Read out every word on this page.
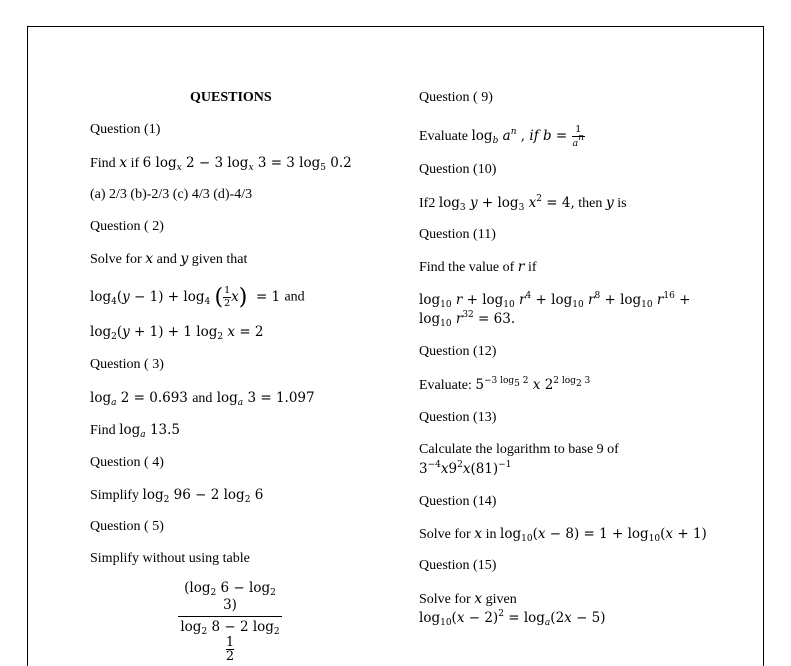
QUESTIONS
Question (1)
Find x if 6 $\log_x 2 - 3$ $\log_x 3 = 3$ $\log_5 0.2$
(a) 2/3 (b)-2/3 (c) 4/3 (d)-4/3
Question ( 2)
Solve for x and y given that
$\log_4(y - 1) + \log_4$ ( $\frac{1}{2} x) = 1$ and
$\log_2(y + 1) + 1$ $\log_2 x = 2$
Question ( 3)
$\log_a 2 = 0.693$ and $\log_a 3 = 1.097$
Find $\log_a 13.5$
Question ( 4)
Simplify $\log_2 96 - 2$ $\log_2 6$
Question ( 5)
Simplify without using table
($\log_2$ $6 - \log_2 3$)
$\log_2 8 - 2$ $\log_2$
$\frac{1}{2}$
Question ( 9)
Evaluate $\log_b a^n$ , if $b = \frac{1}{a^n}$
Question (10)
If2 $\log_3 y + \log_3 x^2 = 4$, then y is
Question (11)
Find the value of r if
$\log_{10} r + \log_{10} r^4 + \log_{10} r^8 + \log_{10} r^{16}$ +
$\log_{10} r^{32} = 63$.
Question (12)
Evaluate: $5^{-3 log_5 2}$ x $2^{2 log_2 3}$
Question (13)
Calculate the logarithm to base 9 of
$3^{-4}x9^2x(81)^{-1}$
Question (14)
Solve for x in $\log_{10}(x - 8) = 1 + \log_{10}(x + 1)$
Question (15)
Solve for x given
$\log_{10}(x - 2)^2 = \log_a(2x - 5)$
